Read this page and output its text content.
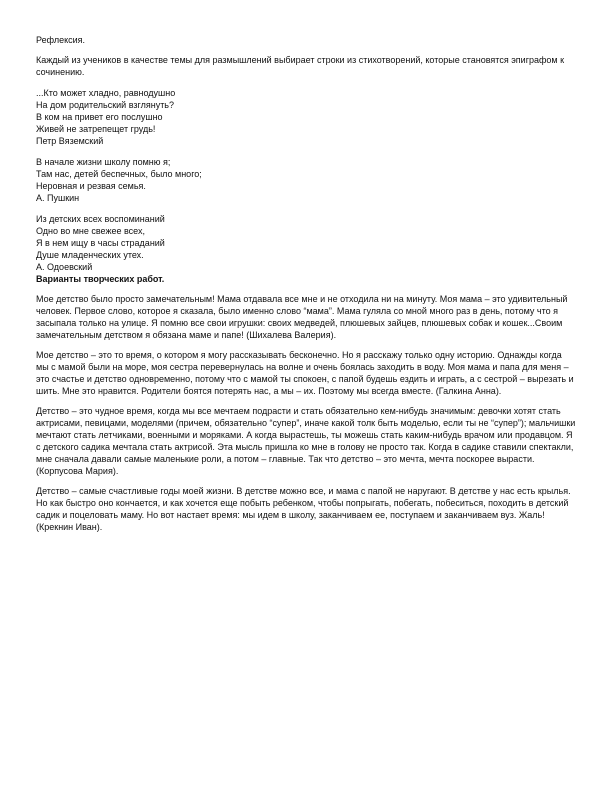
Рефлексия.

Каждый из учеников в качестве темы для размышлений выбирает строки из стихотворений, которые становятся эпиграфом к сочинению.

...Кто может хладно, равнодушно
На дом родительский взглянуть?
В ком на привет его послушно
Живей не затрепещет грудь!
Петр Вяземский
В начале жизни школу помню я;
Там нас, детей беспечных, было много;
Неровная и резвая семья.
А. Пушкин
Из детских всех воспоминаний
Одно во мне свежее всех,
Я в нем ищу в часы страданий
Душе младенческих утех.
А. Одоевский

Варианты творческих работ.

Мое детство было просто замечательным! Мама отдавала все мне и не отходила ни на минуту. Моя мама – это удивительный человек. Первое слово, которое я сказала, было именно слово “мама”. Мама гуляла со мной много раз в день, потому что я засыпала только на улице. Я помню все свои игрушки: своих медведей, плюшевых зайцев, плюшевых собак и кошек...Своим замечательным детством я обязана маме и папе! (Шихалева Валерия).

Мое детство – это то время, о котором я могу рассказывать бесконечно. Но я расскажу только одну историю. Однажды когда мы с мамой были на море, моя сестра перевернулась на волне и очень боялась заходить в воду. Моя мама и папа для меня – это счастье и детство одновременно, потому что с мамой ты спокоен, с папой будешь ездить и играть, а с сестрой – вырезать и шить. Мне это нравится. Родители боятся потерять нас, а мы – их. Поэтому мы всегда вместе. (Галкина Анна).

Детство – это чудное время, когда мы все мечтаем подрасти и стать обязательно кем-нибудь значимым: девочки хотят стать актрисами, певицами, моделями (причем, обязательно “супер”, иначе какой толк быть моделью, если ты не “супер”); мальчишки мечтают стать летчиками, военными и моряками. А когда вырастешь, ты можешь стать каким-нибудь врачом или продавцом. Я с детского садика мечтала стать актрисой. Эта мысль пришла ко мне в голову не просто так. Когда в садике ставили спектакли, мне сначала давали самые маленькие роли, а потом – главные. Так что детство – это мечта, мечта поскорее вырасти. (Корпусова Мария).

Детство – самые счастливые годы моей жизни. В детстве можно все, и мама с папой не наругают. В детстве у нас есть крылья. Но как быстро оно кончается, и как хочется еще побыть ребенком, чтобы попрыгать, побегать, побеситься, походить в детский садик и поцеловать маму. Но вот настает время: мы идем в школу, заканчиваем ее, поступаем и заканчиваем вуз. Жаль! (Крекнин Иван).
